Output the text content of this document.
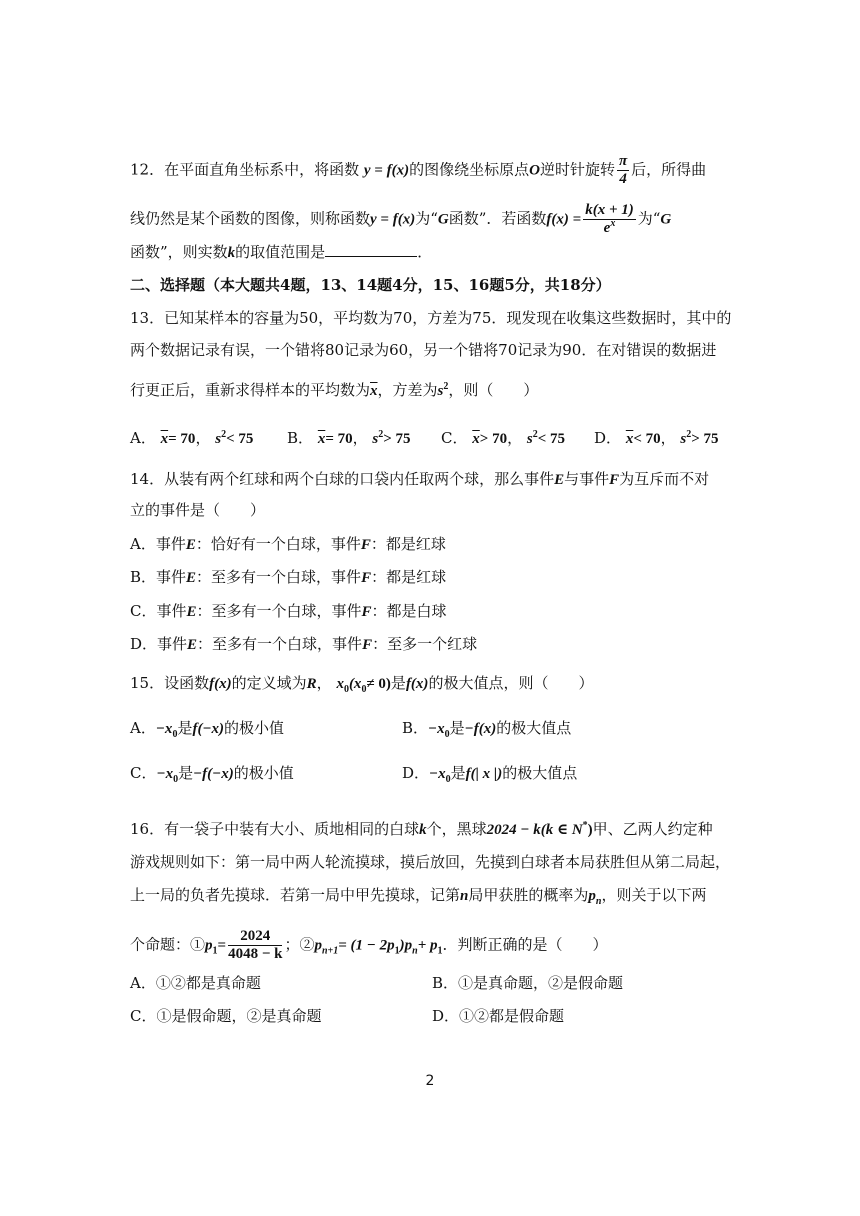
12．在平面直角坐标系中，将函数 y = f(x)的图像绕坐标原点O逆时针旋转 $\frac{\pi}{4}$ 后，所得曲
线仍然是某个函数的图像，则称函数y = f(x)为“G函数”．若函数$f(x) = \frac{k(x + 1)}{e^x}$ 为“G
函数”，则实数k的取值范围是	．
二、选择题（本大题共4题，13、14题4分，15、16题5分，共18分）
13．已知某样本的容量为50，平均数为70，方差为75．现发现在收集这些数据时，其中的
两个数据记录有误，一个错将80记录为60，另一个错将70记录为90．在对错误的数据进
行更正后，重新求得样本的平均数为$\overline{x}$，方差为$s^2$，则（　　）
A． $\overline{x}= 70$， $s^2< 75$ B． $\overline{x}= 70$， $s^2> 75$ C． $\overline{x}> 70$， $s^2< 75$ D． $\overline{x}< 70$， $s^2> 75$
14．从装有两个红球和两个白球的口袋内任取两个球，那么事件E与事件F为互斥而不对
立的事件是（　　）
A．事件E：恰好有一个白球，事件F：都是红球
B．事件E：至多有一个白球，事件F：都是红球
C．事件E：至多有一个白球，事件F：都是白球
D．事件E：至多有一个白球，事件F：至多一个红球
15．设函数f(x)的定义域为R， $x_0(x_0\ne 0)$是f(x)的极大值点，则（　　）
A．$-x_0$是f(−x)的极小值	B．$-x_0$是−f(x)的极大值点
C．$-x_0$是−f(−x)的极小值	D．$-x_0$是f(| x |)的极大值点
16．有一袋子中装有大小、质地相同的白球k个，黑球2024 − k(k ∈ N*)甲、乙两人约定种
游戏规则如下：第一局中两人轮流摸球，摸后放回，先摸到白球者本局获胜但从第二局起，
上一局的负者先摸球．若第一局中甲先摸球，记第n局甲获胜的概率为$p_n$，则关于以下两
个命题：$①p_1= \frac{2024}{4048 - k}$ ；$②p_{n+1}= (1 - 2p_1)p_n+ p_1$．判断正确的是（　　）
A．①②都是真命题	B．①是真命题，②是假命题
C．①是假命题，②是真命题	D．①②都是假命题
2
